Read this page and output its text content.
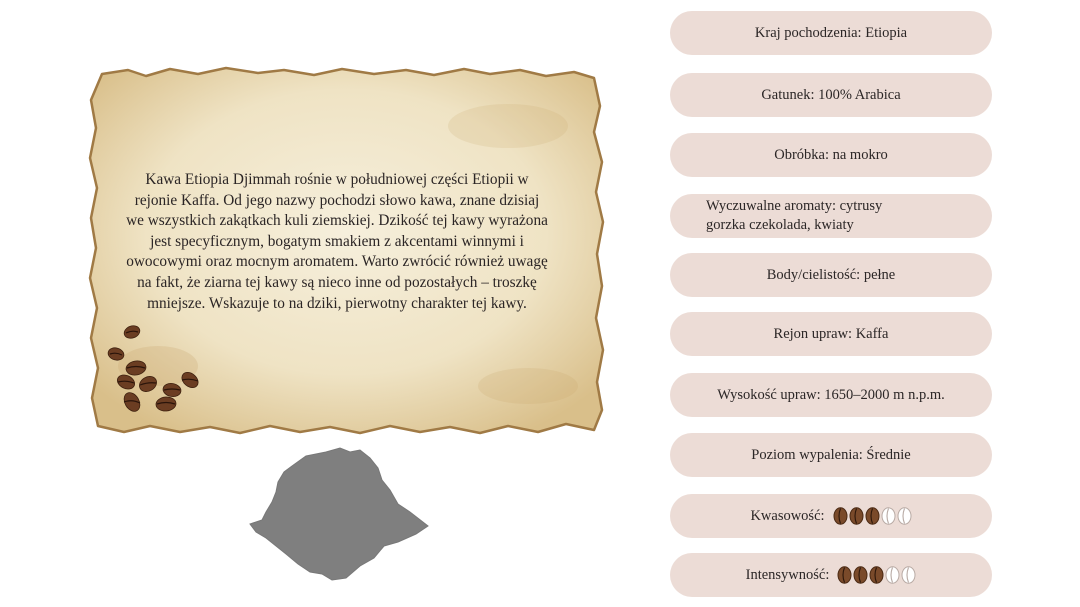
Kawa Etiopia Djimmah rośnie w południowej części Etiopii w rejonie Kaffa. Od jego nazwy pochodzi słowo kawa, znane dzisiaj we wszystkich zakątkach kuli ziemskiej. Dzikość tej kawy wyrażona jest specyficznym, bogatym smakiem z akcentami winnymi i owocowymi oraz mocnym aromatem. Warto zwrócić również uwagę na fakt, że ziarna tej kawy są nieco inne od pozostałych – troszkę mniejsze. Wskazuje to na dziki, pierwotny charakter tej kawy.

Kraj pochodzenia: Etiopia
Gatunek: 100% Arabica
Obróbka: na mokro
Wyczuwalne aromaty: cytrusy
gorzka czekolada, kwiaty
Body/cielistość: pełne
Rejon upraw: Kaffa
Wysokość upraw: 1650–2000 m n.p.m.
Poziom wypalenia: Średnie
Kwasowość:
Intensywność:
